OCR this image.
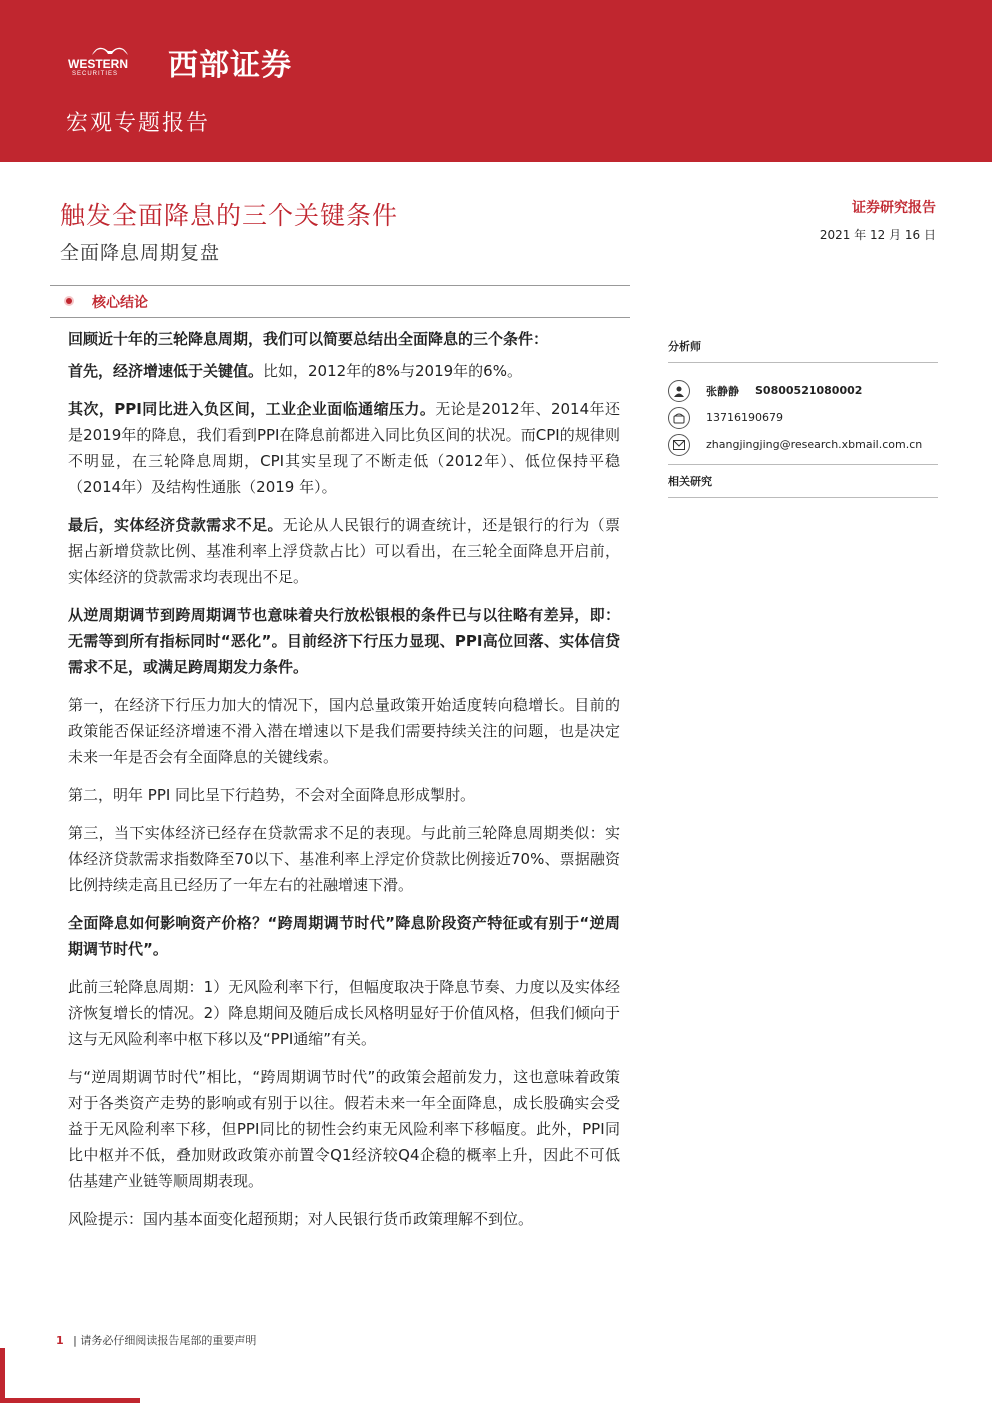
WESTERN
SECURITIES 西部证券
宏观专题报告
触发全面降息的三个关键条件
全面降息周期复盘
证券研究报告
2021 年 12 月 16 日
核心结论

回顾近十年的三轮降息周期，我们可以简要总结出全面降息的三个条件：

首先，经济增速低于关键值。比如，2012年的8%与2019年的6%。

其次，PPI同比进入负区间，工业企业面临通缩压力。无论是2012年、2014年还是2019年的降息，我们看到PPI在降息前都进入同比负区间的状况。而CPI的规律则不明显，在三轮降息周期，CPI其实呈现了不断走低（2012年）、低位保持平稳（2014年）及结构性通胀（2019 年）。

最后，实体经济贷款需求不足。无论从人民银行的调查统计，还是银行的行为（票据占新增贷款比例、基准利率上浮贷款占比）可以看出，在三轮全面降息开启前，实体经济的贷款需求均表现出不足。

从逆周期调节到跨周期调节也意味着央行放松银根的条件已与以往略有差异，即：无需等到所有指标同时“恶化”。目前经济下行压力显现、PPI高位回落、实体信贷需求不足，或满足跨周期发力条件。

第一，在经济下行压力加大的情况下，国内总量政策开始适度转向稳增长。目前的政策能否保证经济增速不滑入潜在增速以下是我们需要持续关注的问题，也是决定未来一年是否会有全面降息的关键线索。

第二，明年 PPI 同比呈下行趋势，不会对全面降息形成掣肘。

第三，当下实体经济已经存在贷款需求不足的表现。与此前三轮降息周期类似：实体经济贷款需求指数降至70以下、基准利率上浮定价贷款比例接近70%、票据融资比例持续走高且已经历了一年左右的社融增速下滑。

全面降息如何影响资产价格？“跨周期调节时代”降息阶段资产特征或有别于“逆周期调节时代”。

此前三轮降息周期：1）无风险利率下行，但幅度取决于降息节奏、力度以及实体经济恢复增长的情况。2）降息期间及随后成长风格明显好于价值风格，但我们倾向于这与无风险利率中枢下移以及“PPI通缩”有关。

与“逆周期调节时代”相比，“跨周期调节时代”的政策会超前发力，这也意味着政策对于各类资产走势的影响或有别于以往。假若未来一年全面降息，成长股确实会受益于无风险利率下移，但PPI同比的韧性会约束无风险利率下移幅度。此外，PPI同比中枢并不低，叠加财政政策亦前置令Q1经济较Q4企稳的概率上升，因此不可低估基建产业链等顺周期表现。

风险提示：国内基本面变化超预期；对人民银行货币政策理解不到位。

分析师
张静静 S0800521080002
13716190679
zhangjingjing@research.xbmail.com.cn
相关研究
1 | 请务必仔细阅读报告尾部的重要声明
